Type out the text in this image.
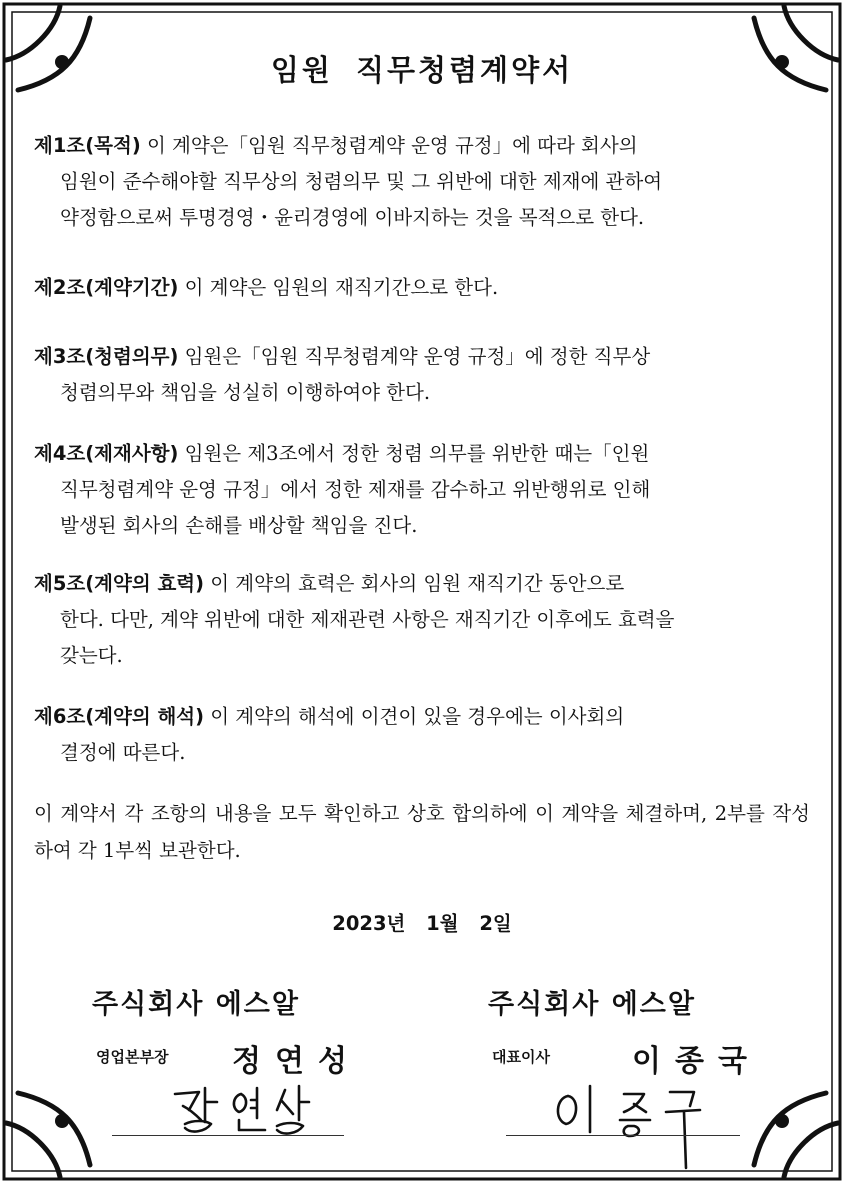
임원 직무청렴계약서
제1조(목적) 이 계약은「임원 직무청렴계약 운영 규정」에 따라 회사의
임원이 준수해야할 직무상의 청렴의무 및 그 위반에 대한 제재에 관하여
약정함으로써 투명경영・윤리경영에 이바지하는 것을 목적으로 한다.
제2조(계약기간) 이 계약은 임원의 재직기간으로 한다.
제3조(청렴의무) 임원은「임원 직무청렴계약 운영 규정」에 정한 직무상
청렴의무와 책임을 성실히 이행하여야 한다.
제4조(제재사항) 임원은 제3조에서 정한 청렴 의무를 위반한 때는「인원
직무청렴계약 운영 규정」에서 정한 제재를 감수하고 위반행위로 인해
발생된 회사의 손해를 배상할 책임을 진다.
제5조(계약의 효력) 이 계약의 효력은 회사의 임원 재직기간 동안으로
한다. 다만, 계약 위반에 대한 제재관련 사항은 재직기간 이후에도 효력을
갖는다.
제6조(계약의 해석) 이 계약의 해석에 이견이 있을 경우에는 이사회의
결정에 따른다.
이 계약서 각 조항의 내용을 모두 확인하고 상호 합의하에 이 계약을 체결하며, 2부를 작성하여 각 1부씩 보관한다.
2023년 1월 2일
주식회사 에스알
영업본부장 정연성
주식회사 에스알
대표이사	이종국
